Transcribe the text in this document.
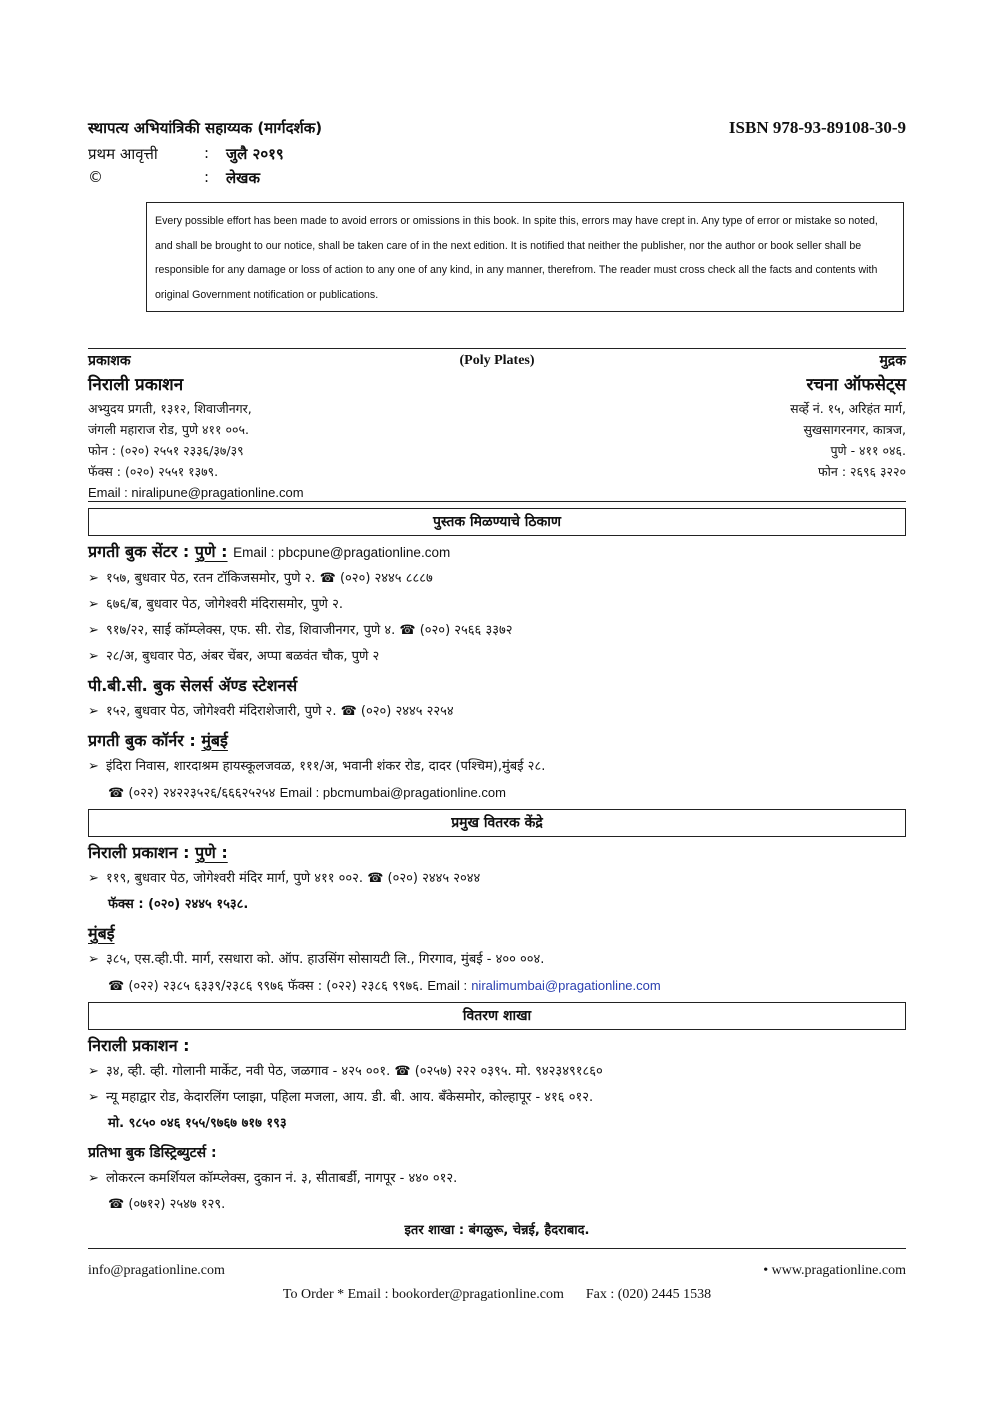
स्थापत्य अभियांत्रिकी सहाय्यक (मार्गदर्शक)	ISBN 978-93-89108-30-9
प्रथम आवृत्ती	: जुलै २०१९
©	: लेखक
Every possible effort has been made to avoid errors or omissions in this book. In spite this, errors may have crept in. Any type of error or mistake so noted, and shall be brought to our notice, shall be taken care of in the next edition. It is notified that neither the publisher, nor the author or book seller shall be responsible for any damage or loss of action to any one of any kind, in any manner, therefrom. The reader must cross check all the facts and contents with original Government notification or publications.
(Poly Plates)
प्रकाशक
निराली प्रकाशन
अभ्युदय प्रगती, १३१२, शिवाजीनगर,
जंगली महाराज रोड, पुणे ४११ ००५.
फोन : (०२०) २५५१ २३३६/३७/३९
फॅक्स : (०२०) २५५१ १३७९.
Email : niralipune@pragationline.com
मुद्रक
रचना ऑफसेट्स
सर्व्हे नं. १५, अरिहंत मार्ग,
सुखसागरनगर, कात्रज,
पुणे - ४११ ०४६.
फोन : २६९६ ३२२०
पुस्तक मिळण्याचे ठिकाण
प्रगती बुक सेंटर : पुणे : Email : pbcpune@pragationline.com
➢ १५७, बुधवार पेठ, रतन टॉकिजसमोर, पुणे २. ☎ (०२०) २४४५ ८८८७
➢ ६७६/ब, बुधवार पेठ, जोगेश्वरी मंदिरासमोर, पुणे २.
➢ ९१७/२२, साई कॉम्प्लेक्स, एफ. सी. रोड, शिवाजीनगर, पुणे ४. ☎ (०२०) २५६६ ३३७२
➢ २८/अ, बुधवार पेठ, अंबर चेंबर, अप्पा बळवंत चौक, पुणे २
पी.बी.सी. बुक सेलर्स ॲण्ड स्टेशनर्स
➢ १५२, बुधवार पेठ, जोगेश्वरी मंदिराशेजारी, पुणे २. ☎ (०२०) २४४५ २२५४
प्रगती बुक कॉर्नर : मुंबई
➢ इंदिरा निवास, शारदाश्रम हायस्कूलजवळ, १११/अ, भवानी शंकर रोड, दादर (पश्चिम),मुंबई २८.
☎ (०२२) २४२२३५२६/६६६२५२५४ Email : pbcmumbai@pragationline.com
प्रमुख वितरक केंद्रे
निराली प्रकाशन : पुणे :
➢ ११९, बुधवार पेठ, जोगेश्वरी मंदिर मार्ग, पुणे ४११ ००२. ☎ (०२०) २४४५ २०४४
फॅक्स : (०२०) २४४५ १५३८.
मुंबई
➢ ३८५, एस.व्ही.पी. मार्ग, रसधारा को. ऑप. हाउसिंग सोसायटी लि., गिरगाव, मुंबई - ४०० ००४.
☎ (०२२) २३८५ ६३३९/२३८६ ९९७६ फॅक्स : (०२२) २३८६ ९९७६. Email : niralimumbai@pragationline.com
वितरण शाखा
निराली प्रकाशन :
➢ ३४, व्ही. व्ही. गोलानी मार्केट, नवी पेठ, जळगाव - ४२५ ००१. ☎ (०२५७) २२२ ०३९५. मो. ९४२३४९१८६०
➢ न्यू महाद्वार रोड, केदारलिंग प्लाझा, पहिला मजला, आय. डी. बी. आय. बँकेसमोर, कोल्हापूर - ४१६ ०१२.
मो. ९८५० ०४६ १५५/९७६७ ७१७ १९३
प्रतिभा बुक डिस्ट्रिब्युटर्स :
➢ लोकरत्न कमर्शियल कॉम्प्लेक्स, दुकान नं. ३, सीताबर्डी, नागपूर - ४४० ०१२.
☎ (०७१२) २५४७ १२९.
इतर शाखा : बंगळुरू, चेन्नई, हैदराबाद.
info@pragationline.com	• www.pragationline.com
To Order * Email : bookorder@pragationline.com Fax : (020) 2445 1538
